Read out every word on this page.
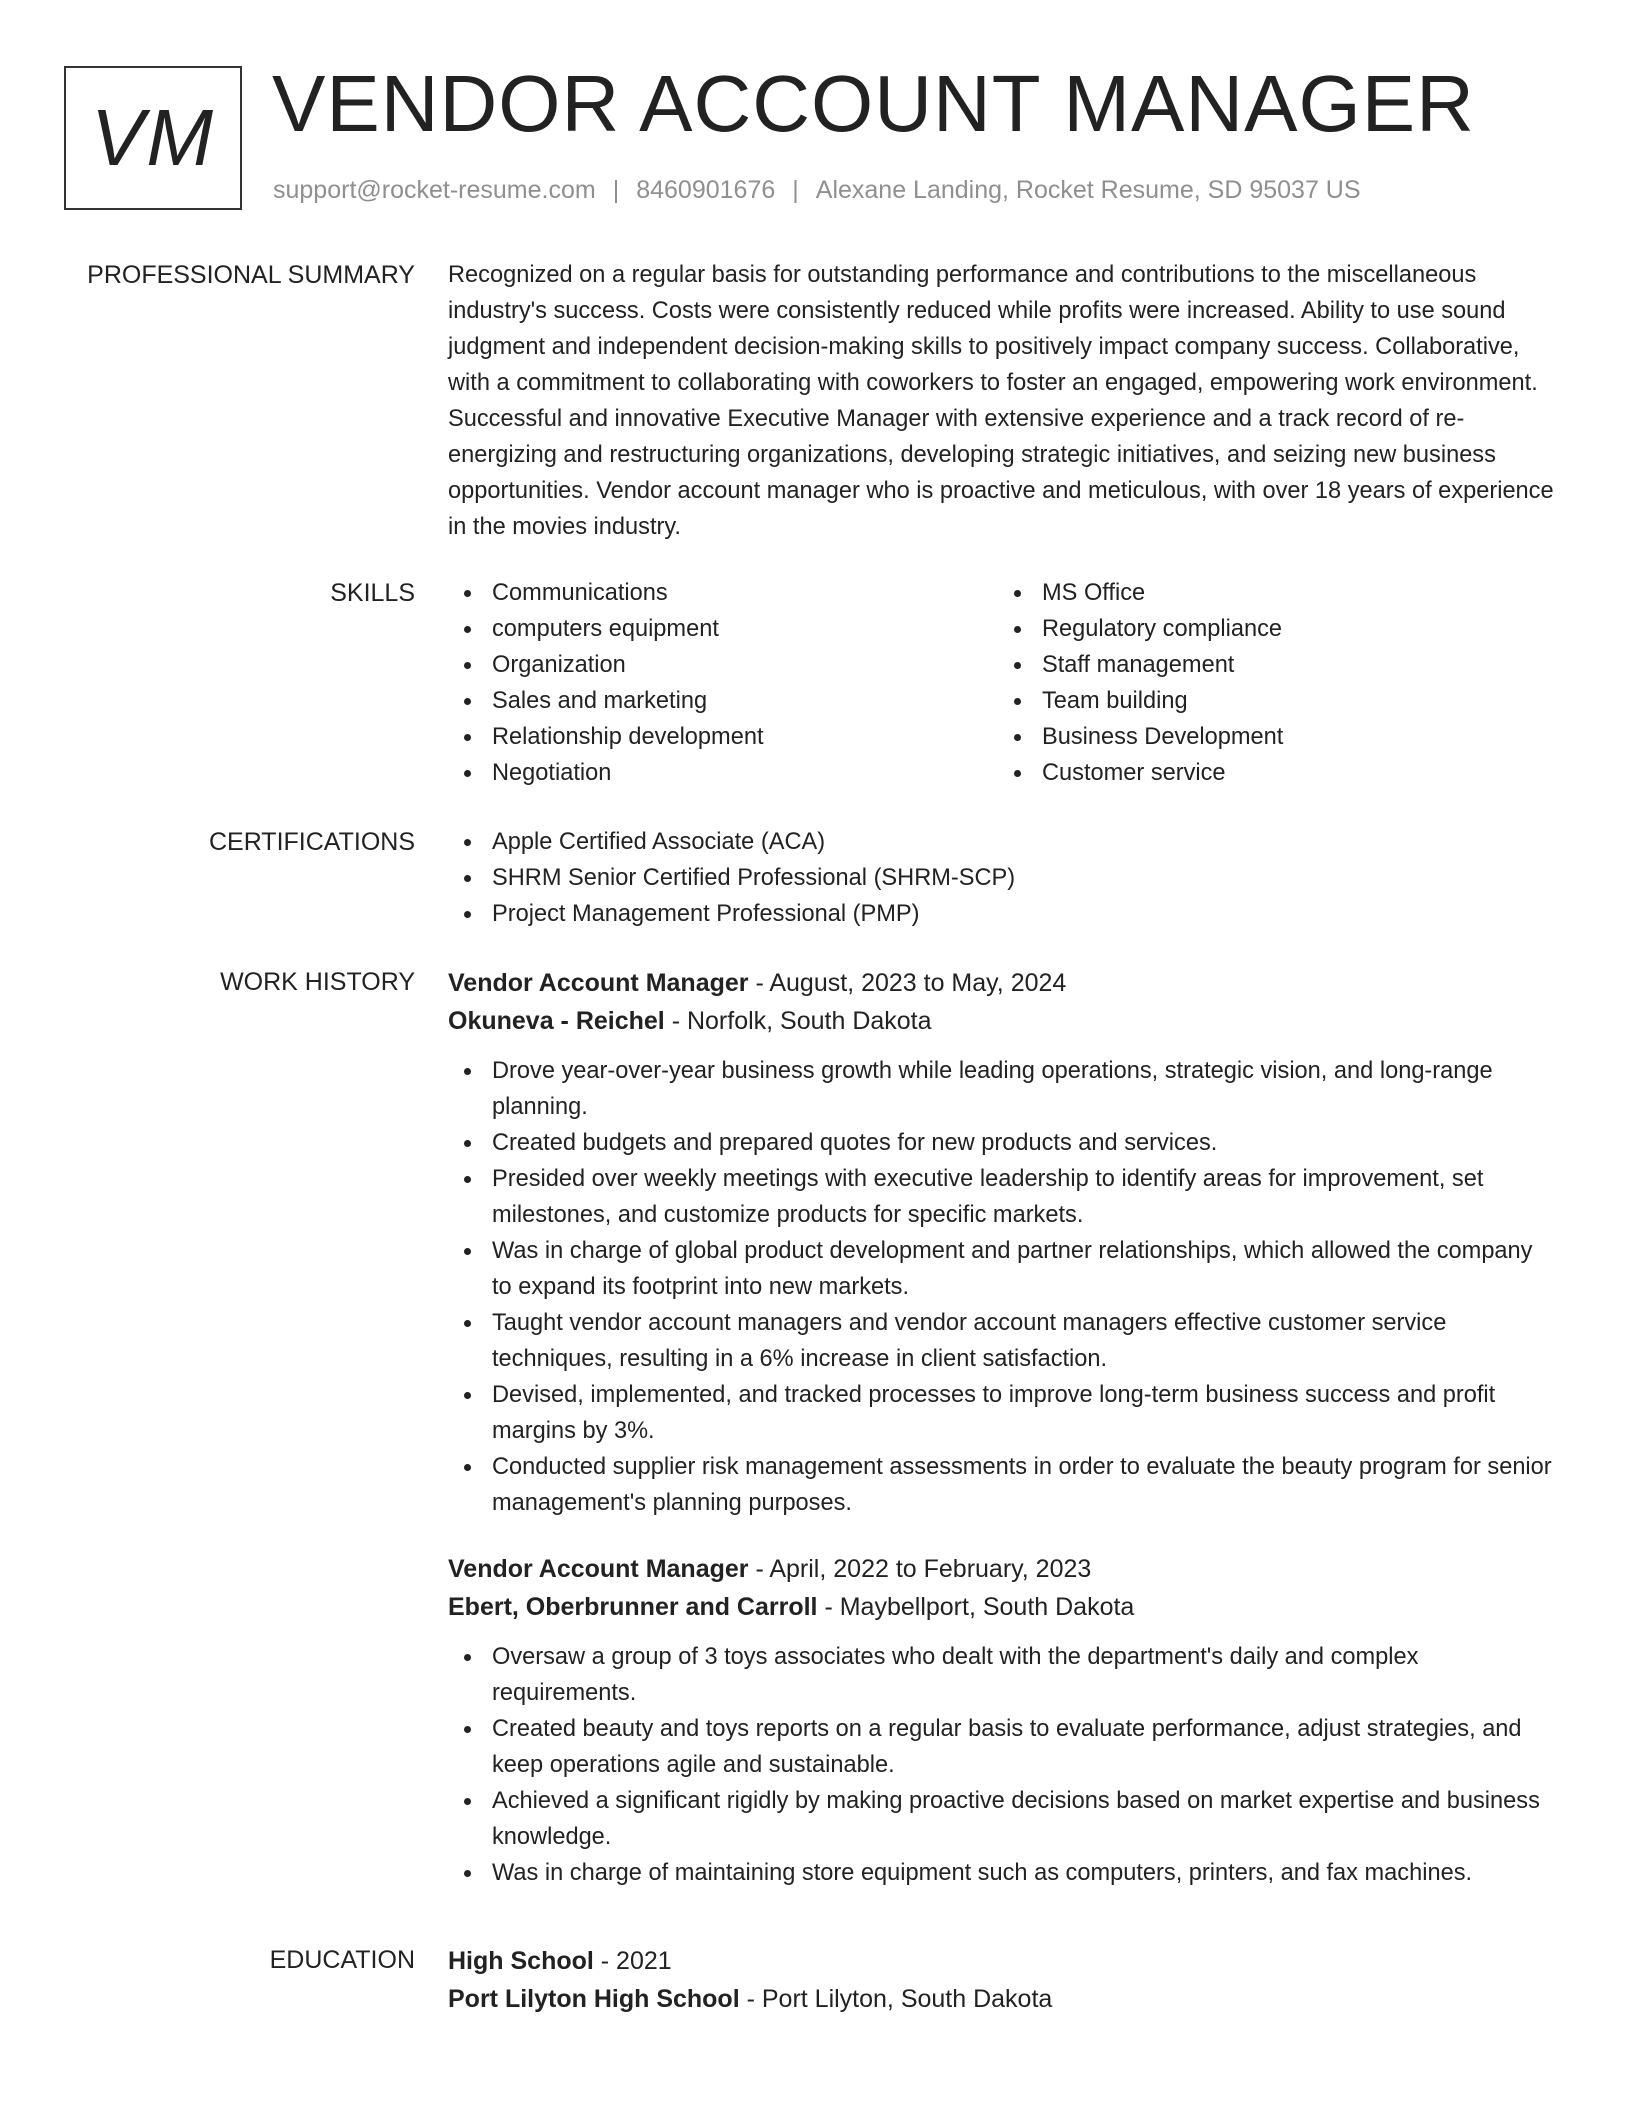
VM VENDOR ACCOUNT MANAGER
support@rocket-resume.com | 8460901676 | Alexane Landing, Rocket Resume, SD 95037 US
PROFESSIONAL SUMMARY Recognized on a regular basis for outstanding performance and contributions to the miscellaneous industry's success. Costs were consistently reduced while profits were increased. Ability to use sound judgment and independent decision-making skills to positively impact company success. Collaborative, with a commitment to collaborating with coworkers to foster an engaged, empowering work environment. Successful and innovative Executive Manager with extensive experience and a track record of re-energizing and restructuring organizations, developing strategic initiatives, and seizing new business opportunities. Vendor account manager who is proactive and meticulous, with over 18 years of experience in the movies industry.
SKILLS	Communications
computers equipment
Organization
Sales and marketing
Relationship development
Negotiation
MS Office
Regulatory compliance
Staff management
Team building
Business Development
Customer service
CERTIFICATIONS	Apple Certified Associate (ACA)
SHRM Senior Certified Professional (SHRM-SCP)
Project Management Professional (PMP)
WORK HISTORY Vendor Account Manager - August, 2023 to May, 2024
Okuneva - Reichel - Norfolk, South Dakota
Drove year-over-year business growth while leading operations, strategic vision, and long-range planning.
Created budgets and prepared quotes for new products and services.
Presided over weekly meetings with executive leadership to identify areas for improvement, set milestones, and customize products for specific markets.
Was in charge of global product development and partner relationships, which allowed the company to expand its footprint into new markets.
Taught vendor account managers and vendor account managers effective customer service techniques, resulting in a 6% increase in client satisfaction.
Devised, implemented, and tracked processes to improve long-term business success and profit margins by 3%.
Conducted supplier risk management assessments in order to evaluate the beauty program for senior management's planning purposes.
Vendor Account Manager - April, 2022 to February, 2023
Ebert, Oberbrunner and Carroll - Maybellport, South Dakota
Oversaw a group of 3 toys associates who dealt with the department's daily and complex requirements.
Created beauty and toys reports on a regular basis to evaluate performance, adjust strategies, and keep operations agile and sustainable.
Achieved a significant rigidly by making proactive decisions based on market expertise and business knowledge.
Was in charge of maintaining store equipment such as computers, printers, and fax machines.
EDUCATION High School - 2021
Port Lilyton High School - Port Lilyton, South Dakota
